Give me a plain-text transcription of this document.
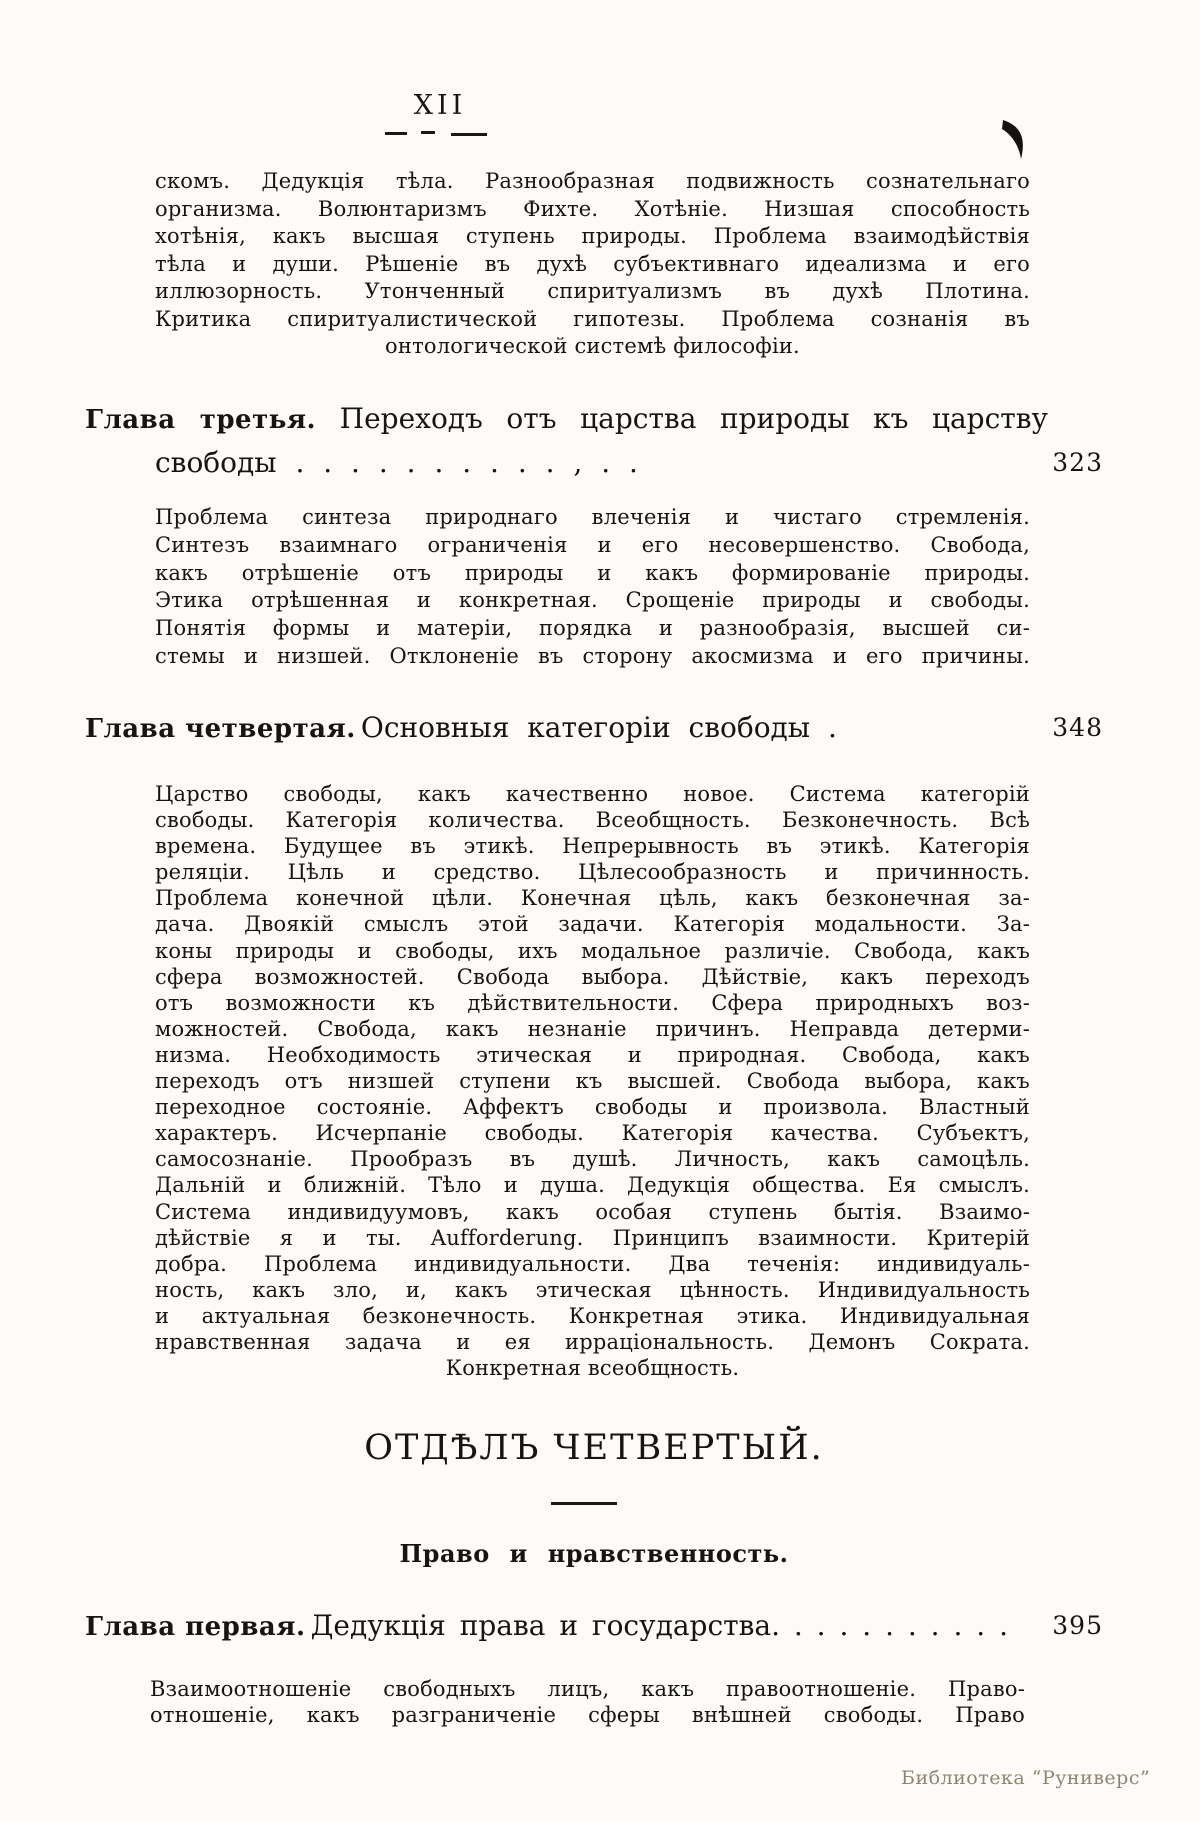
XII
скомъ. Дедукція тѣла. Разнообразная подвижность сознательнаго
организма. Волюнтаризмъ Фихте. Хотѣніе. Низшая способность
хотѣнія, какъ высшая ступень природы. Проблема взаимодѣйствія
тѣла и души. Рѣшеніе въ духѣ субъективнаго идеализма и его
иллюзорность. Утонченный спиритуализмъ въ духѣ Плотина.
Критика спиритуалистической гипотезы. Проблема сознанія въ
онтологической системѣ философіи.
Глава третья. Переходъ отъ царства природы къ царству
свободы . . . . . . . . . . , . .	323
Проблема синтеза природнаго влеченія и чистаго стремленія.
Синтезъ взаимнаго ограниченія и его несовершенство. Свобода,
какъ отрѣшеніе отъ природы и какъ формированіе природы.
Этика отрѣшенная и конкретная. Срощеніе природы и свободы.
Понятія формы и матеріи, порядка и разнообразія, высшей си-
стемы и низшей. Отклоненіе въ сторону акосмизма и его причины.
Глава четвертая. Основныя категоріи свободы .	348
Царство свободы, какъ качественно новое. Система категорій
свободы. Категорія количества. Всеобщность. Безконечность. Всѣ
времена. Будущее въ этикѣ. Непрерывность въ этикѣ. Категорія
реляціи. Цѣль и средство. Цѣлесообразность и причинность.
Проблема конечной цѣли. Конечная цѣль, какъ безконечная за-
дача. Двоякій смыслъ этой задачи. Категорія модальности. За-
коны природы и свободы, ихъ модальное различіе. Свобода, какъ
сфера возможностей. Свобода выбора. Дѣйствіе, какъ переходъ
отъ возможности къ дѣйствительности. Сфера природныхъ воз-
можностей. Свобода, какъ незнаніе причинъ. Неправда детерми-
низма. Необходимость этическая и природная. Свобода, какъ
переходъ отъ низшей ступени къ высшей. Свобода выбора, какъ
переходное состояніе. Аффектъ свободы и произвола. Властный
характеръ. Исчерпаніе свободы. Категорія качества. Субъектъ,
самосознаніе. Прообразъ въ душѣ. Личность, какъ самоцѣль.
Дальній и ближній. Тѣло и душа. Дедукція общества. Ея смыслъ.
Система индивидуумовъ, какъ особая ступень бытія. Взаимо-
дѣйствіе я и ты. Aufforderung. Принципъ взаимности. Критерій
добра. Проблема индивидуальности. Два теченія: индивидуаль-
ность, какъ зло, и, какъ этическая цѣнность. Индивидуальность
и актуальная безконечность. Конкретная этика. Индивидуальная
нравственная задача и ея ирраціональность. Демонъ Сократа.
Конкретная всеобщность.
ОТДѢЛЪ ЧЕТВЕРТЫЙ.
Право и нравственность.
Глава первая. Дедукція права и государства. . . . . . . . . . . 395
Взаимоотношеніе свободныхъ лицъ, какъ правоотношеніе. Право-
отношеніе, какъ разграниченіе сферы внѣшней свободы. Право
Библиотека “Руниверс”
